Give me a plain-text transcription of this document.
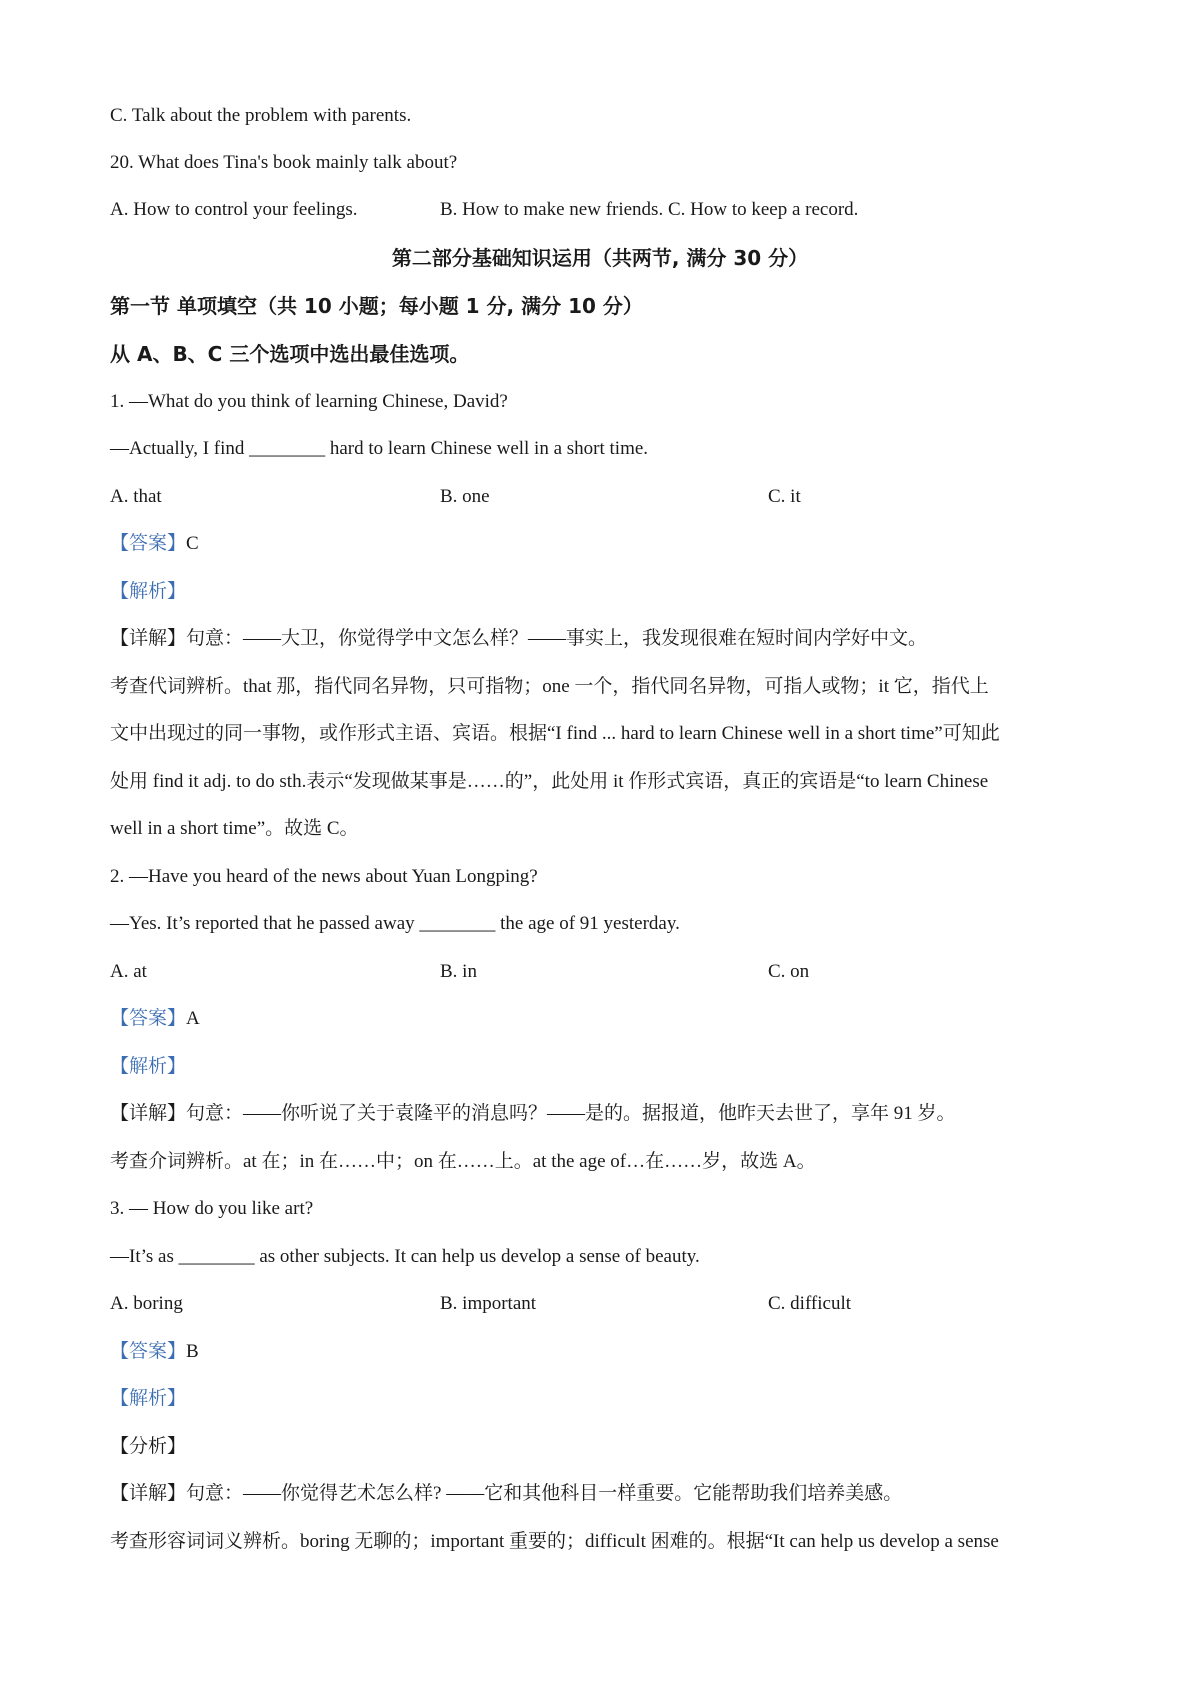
C. Talk about the problem with parents.
20. What does Tina's book mainly talk about?
A. How to control your feelings.	B. How to make new friends. C. How to keep a record.
第二部分基础知识运用（共两节, 满分 30 分）
第一节 单项填空（共 10 小题；每小题 1 分, 满分 10 分）
从 A、B、C 三个选项中选出最佳选项。
1. —What do you think of learning Chinese, David?
—Actually, I find ________ hard to learn Chinese well in a short time.
A. that	B. one	C. it
【答案】C
【解析】
【详解】句意：——大卫，你觉得学中文怎么样？——事实上，我发现很难在短时间内学好中文。
考查代词辨析。that 那，指代同名异物，只可指物；one 一个，指代同名异物，可指人或物；it 它，指代上
文中出现过的同一事物，或作形式主语、宾语。根据“I find ... hard to learn Chinese well in a short time”可知此
处用 find it adj. to do sth.表示“发现做某事是……的”，此处用 it 作形式宾语，真正的宾语是“to learn Chinese
well in a short time”。故选 C。
2. —Have you heard of the news about Yuan Longping?
—Yes. It’s reported that he passed away ________ the age of 91 yesterday.
A. at	B. in	C. on
【答案】A
【解析】
【详解】句意：——你听说了关于袁隆平的消息吗？——是的。据报道，他昨天去世了，享年 91 岁。
考查介词辨析。at 在；in 在……中；on 在……上。at the age of…在……岁，故选 A。
3. — How do you like art?
—It’s as ________ as other subjects. It can help us develop a sense of beauty.
A. boring	B. important	C. difficult
【答案】B
【解析】
【分析】
【详解】句意：——你觉得艺术怎么样? ——它和其他科目一样重要。它能帮助我们培养美感。
考查形容词词义辨析。boring 无聊的；important 重要的；difficult 困难的。根据“It can help us develop a sense
